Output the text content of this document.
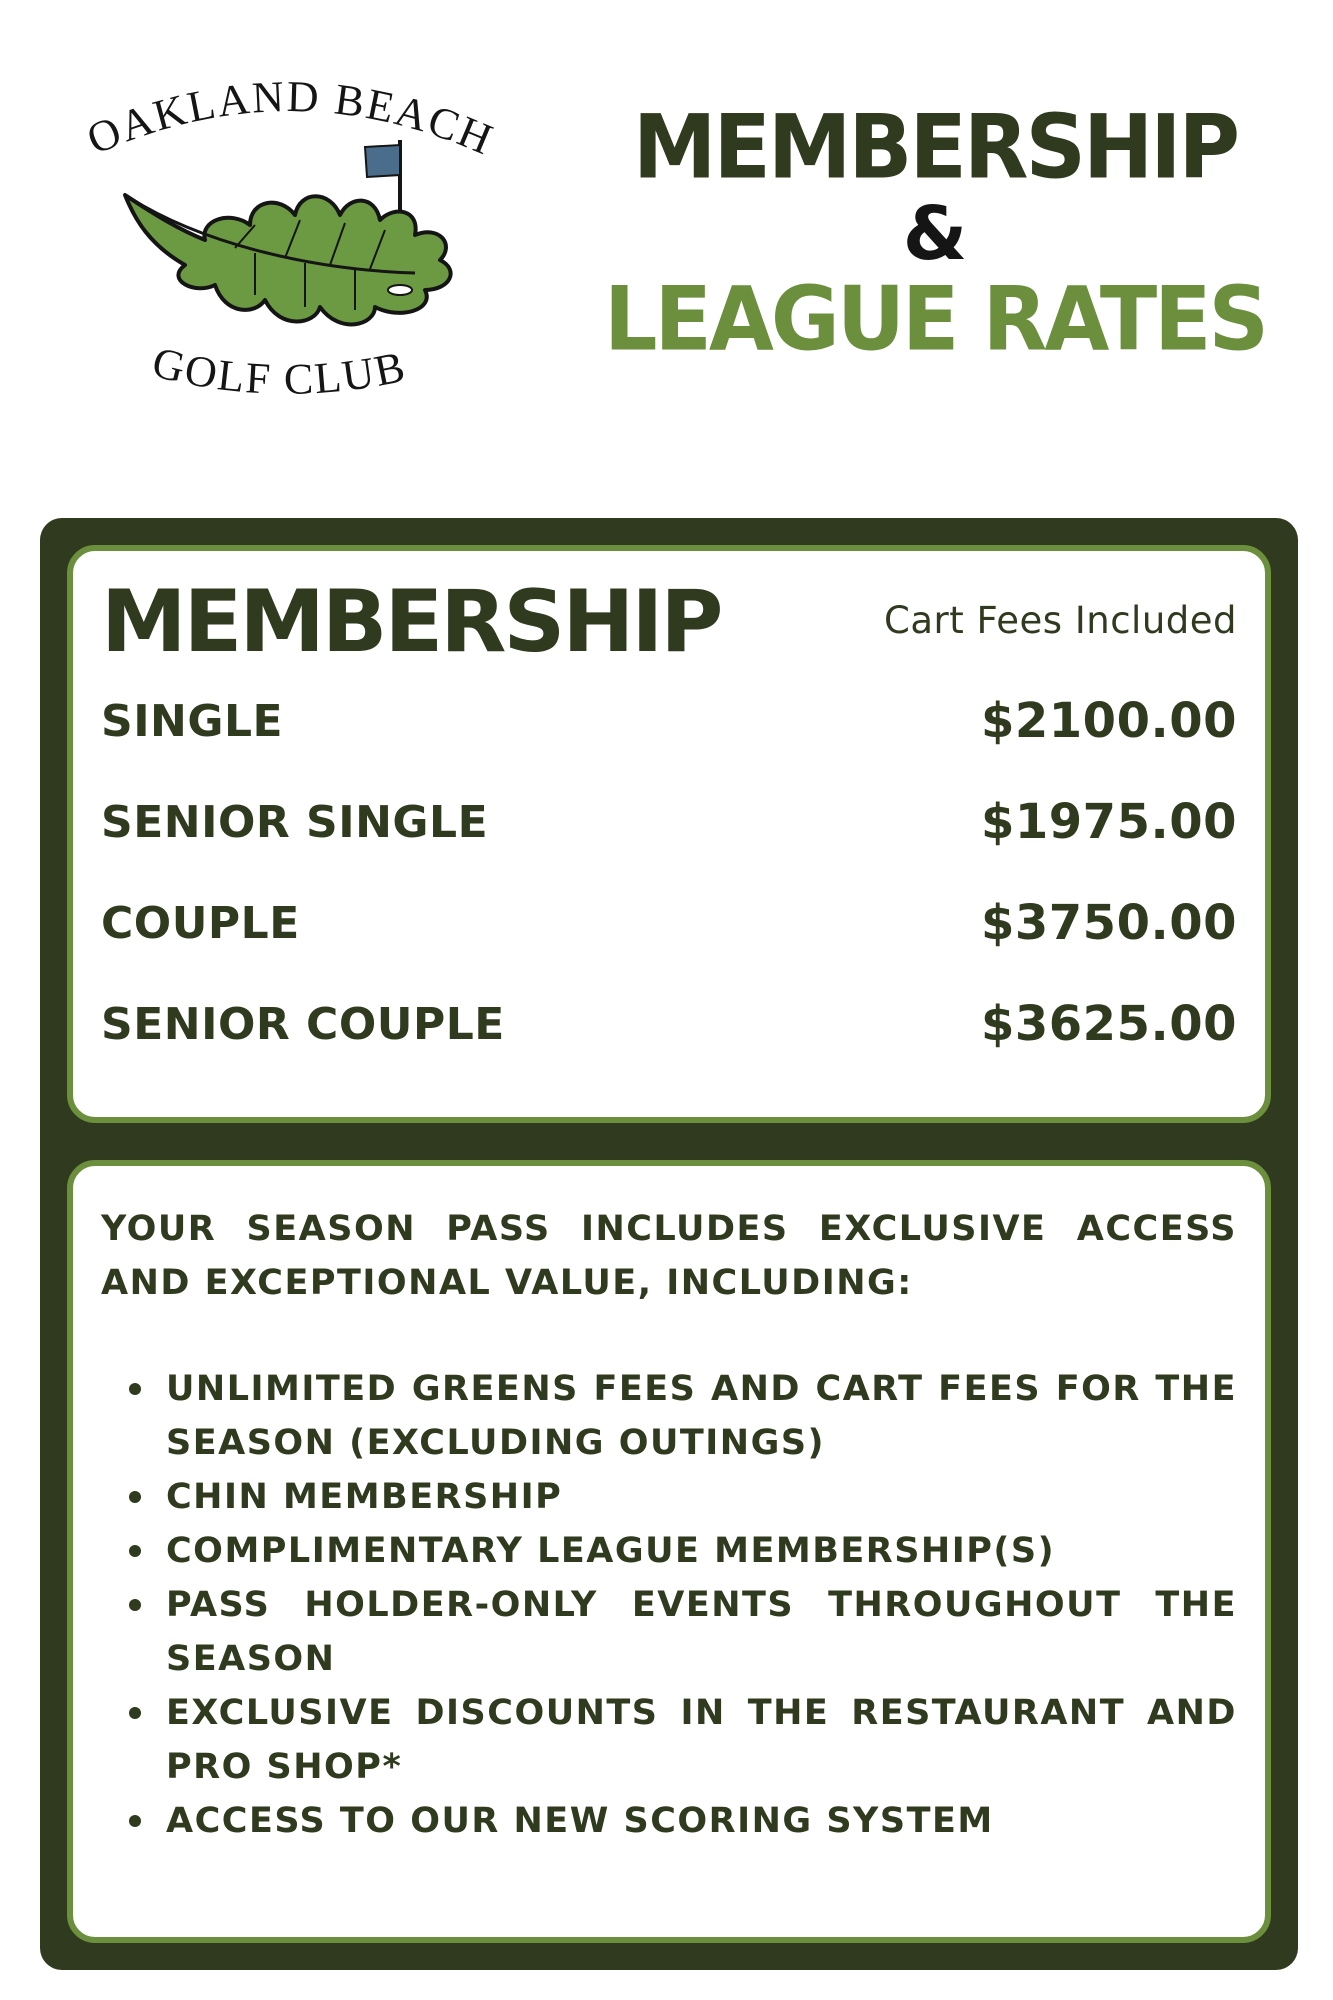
OAKLAND BEACH
GOLF CLUB
MEMBERSHIP
&
LEAGUE RATES
MEMBERSHIP	Cart Fees Included
SINGLE	$2100.00
SENIOR SINGLE	$1975.00
COUPLE	$3750.00
SENIOR COUPLE	$3625.00
YOUR SEASON PASS INCLUDES EXCLUSIVE ACCESS AND EXCEPTIONAL VALUE, INCLUDING:
UNLIMITED GREENS FEES AND CART FEES FOR THE SEASON (EXCLUDING OUTINGS)
CHIN MEMBERSHIP
COMPLIMENTARY LEAGUE MEMBERSHIP(S)
PASS HOLDER-ONLY EVENTS THROUGHOUT THE SEASON
EXCLUSIVE DISCOUNTS IN THE RESTAURANT AND PRO SHOP*
ACCESS TO OUR NEW SCORING SYSTEM
